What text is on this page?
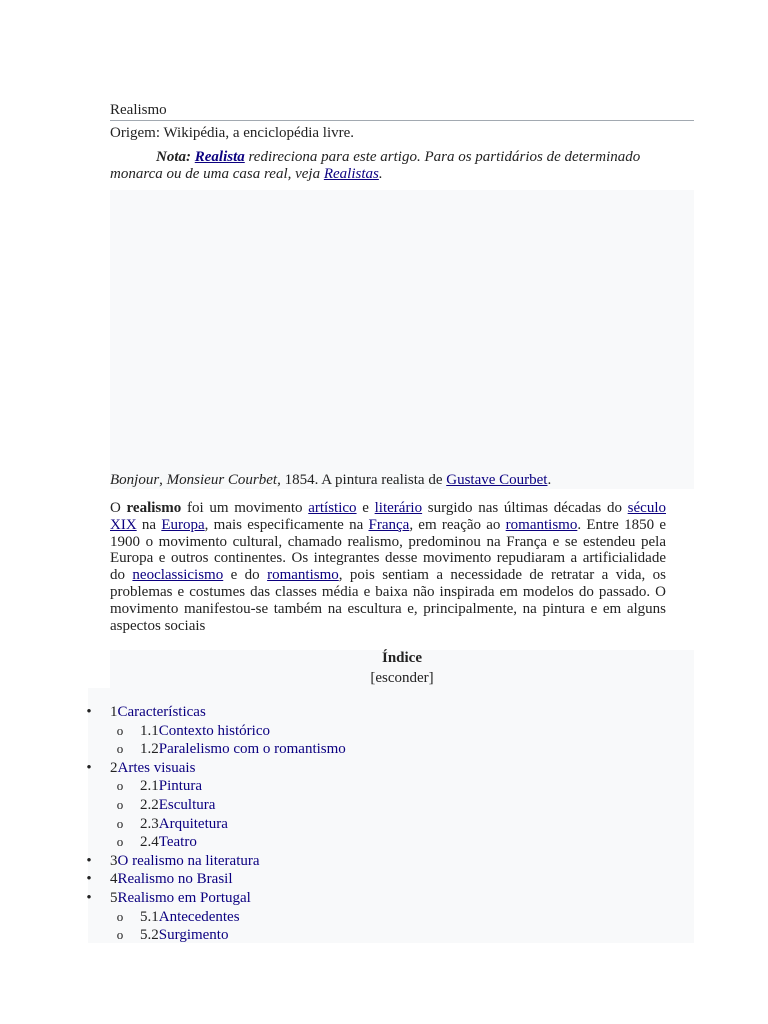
Realismo
Origem: Wikipédia, a enciclopédia livre.
Nota: Realista redireciona para este artigo. Para os partidários de determinado monarca ou de uma casa real, veja Realistas.
Bonjour, Monsieur Courbet, 1854. A pintura realista de Gustave Courbet.
O realismo foi um movimento artístico e literário surgido nas últimas décadas do século XIX na Europa, mais especificamente na França, em reação ao romantismo. Entre 1850 e 1900 o movimento cultural, chamado realismo, predominou na França e se estendeu pela Europa e outros continentes. Os integrantes desse movimento repudiaram a artificialidade do neoclassicismo e do romantismo, pois sentiam a necessidade de retratar a vida, os problemas e costumes das classes média e baixa não inspirada em modelos do passado. O movimento manifestou-se também na escultura e, principalmente, na pintura e em alguns aspectos sociais
Índice
[esconder]
• 1Características
o 1.1Contexto histórico
o 1.2Paralelismo com o romantismo
• 2Artes visuais
o 2.1Pintura
o 2.2Escultura
o 2.3Arquitetura
o 2.4Teatro
• 3O realismo na literatura
• 4Realismo no Brasil
• 5Realismo em Portugal
o 5.1Antecedentes
o 5.2Surgimento
